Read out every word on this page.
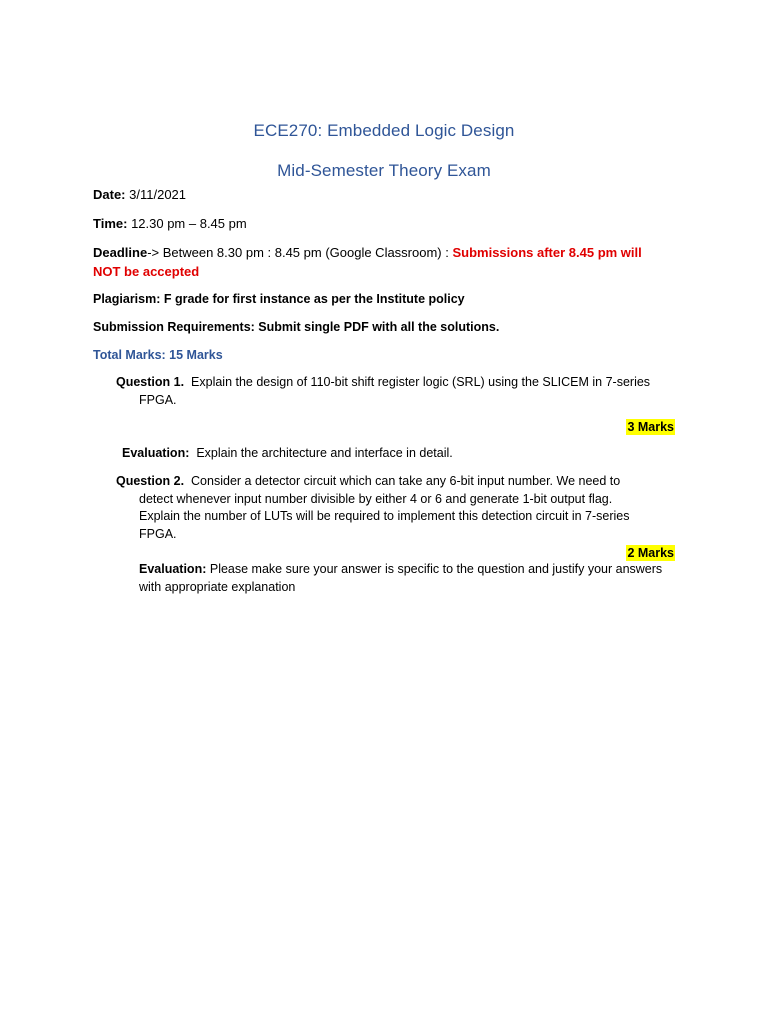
ECE270: Embedded Logic Design
Mid-Semester Theory Exam
Date: 3/11/2021
Time: 12.30 pm – 8.45 pm
Deadline-> Between 8.30 pm : 8.45 pm (Google Classroom) : Submissions after 8.45 pm will
NOT be accepted
Plagiarism: F grade for first instance as per the Institute policy
Submission Requirements: Submit single PDF with all the solutions.
Total Marks: 15 Marks
Question 1. Explain the design of 110-bit shift register logic (SRL) using the SLICEM in 7-series
FPGA.
3 Marks
Evaluation: Explain the architecture and interface in detail.
Question 2. Consider a detector circuit which can take any 6-bit input number. We need to
detect whenever input number divisible by either 4 or 6 and generate 1-bit output flag.
Explain the number of LUTs will be required to implement this detection circuit in 7-series
FPGA.
2 Marks
Evaluation: Please make sure your answer is specific to the question and justify your answers
with appropriate explanation
